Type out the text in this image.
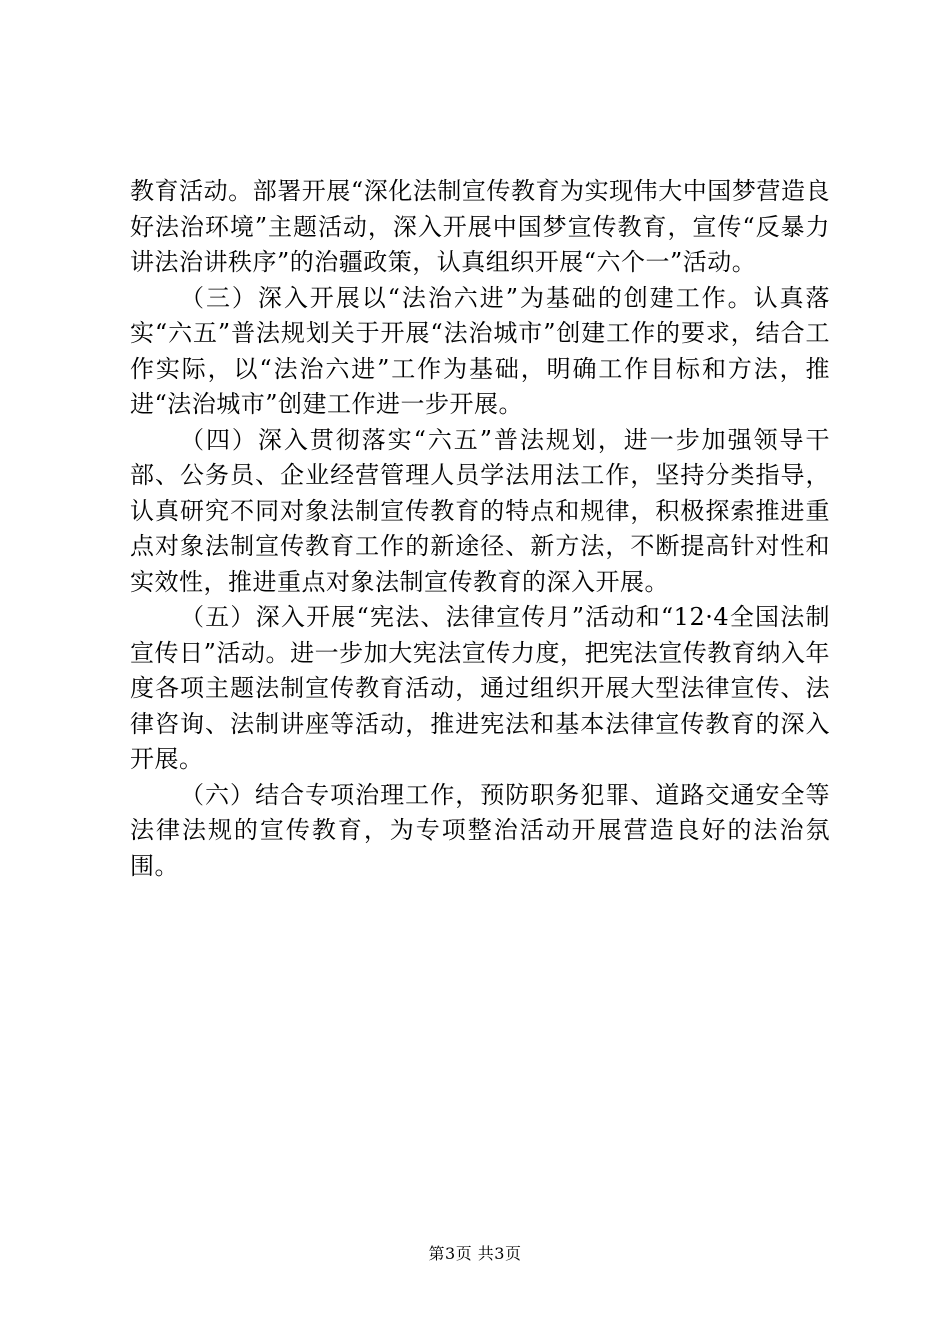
教育活动。部署开展“深化法制宣传教育为实现伟大中国梦营造良好法治环境”主题活动，深入开展中国梦宣传教育，宣传“反暴力讲法治讲秩序”的治疆政策，认真组织开展“六个一”活动。

（三）深入开展以“法治六进”为基础的创建工作。认真落实“六五”普法规划关于开展“法治城市”创建工作的要求，结合工作实际，以“法治六进”工作为基础，明确工作目标和方法，推进“法治城市”创建工作进一步开展。

（四）深入贯彻落实“六五”普法规划，进一步加强领导干部、公务员、企业经营管理人员学法用法工作，坚持分类指导，认真研究不同对象法制宣传教育的特点和规律，积极探索推进重点对象法制宣传教育工作的新途径、新方法，不断提高针对性和实效性，推进重点对象法制宣传教育的深入开展。

（五）深入开展“宪法、法律宣传月”活动和“12·4全国法制宣传日”活动。进一步加大宪法宣传力度，把宪法宣传教育纳入年度各项主题法制宣传教育活动，通过组织开展大型法律宣传、法律咨询、法制讲座等活动，推进宪法和基本法律宣传教育的深入开展。

（六）结合专项治理工作，预防职务犯罪、道路交通安全等法律法规的宣传教育，为专项整治活动开展营造良好的法治氛围。

第3页 共3页
